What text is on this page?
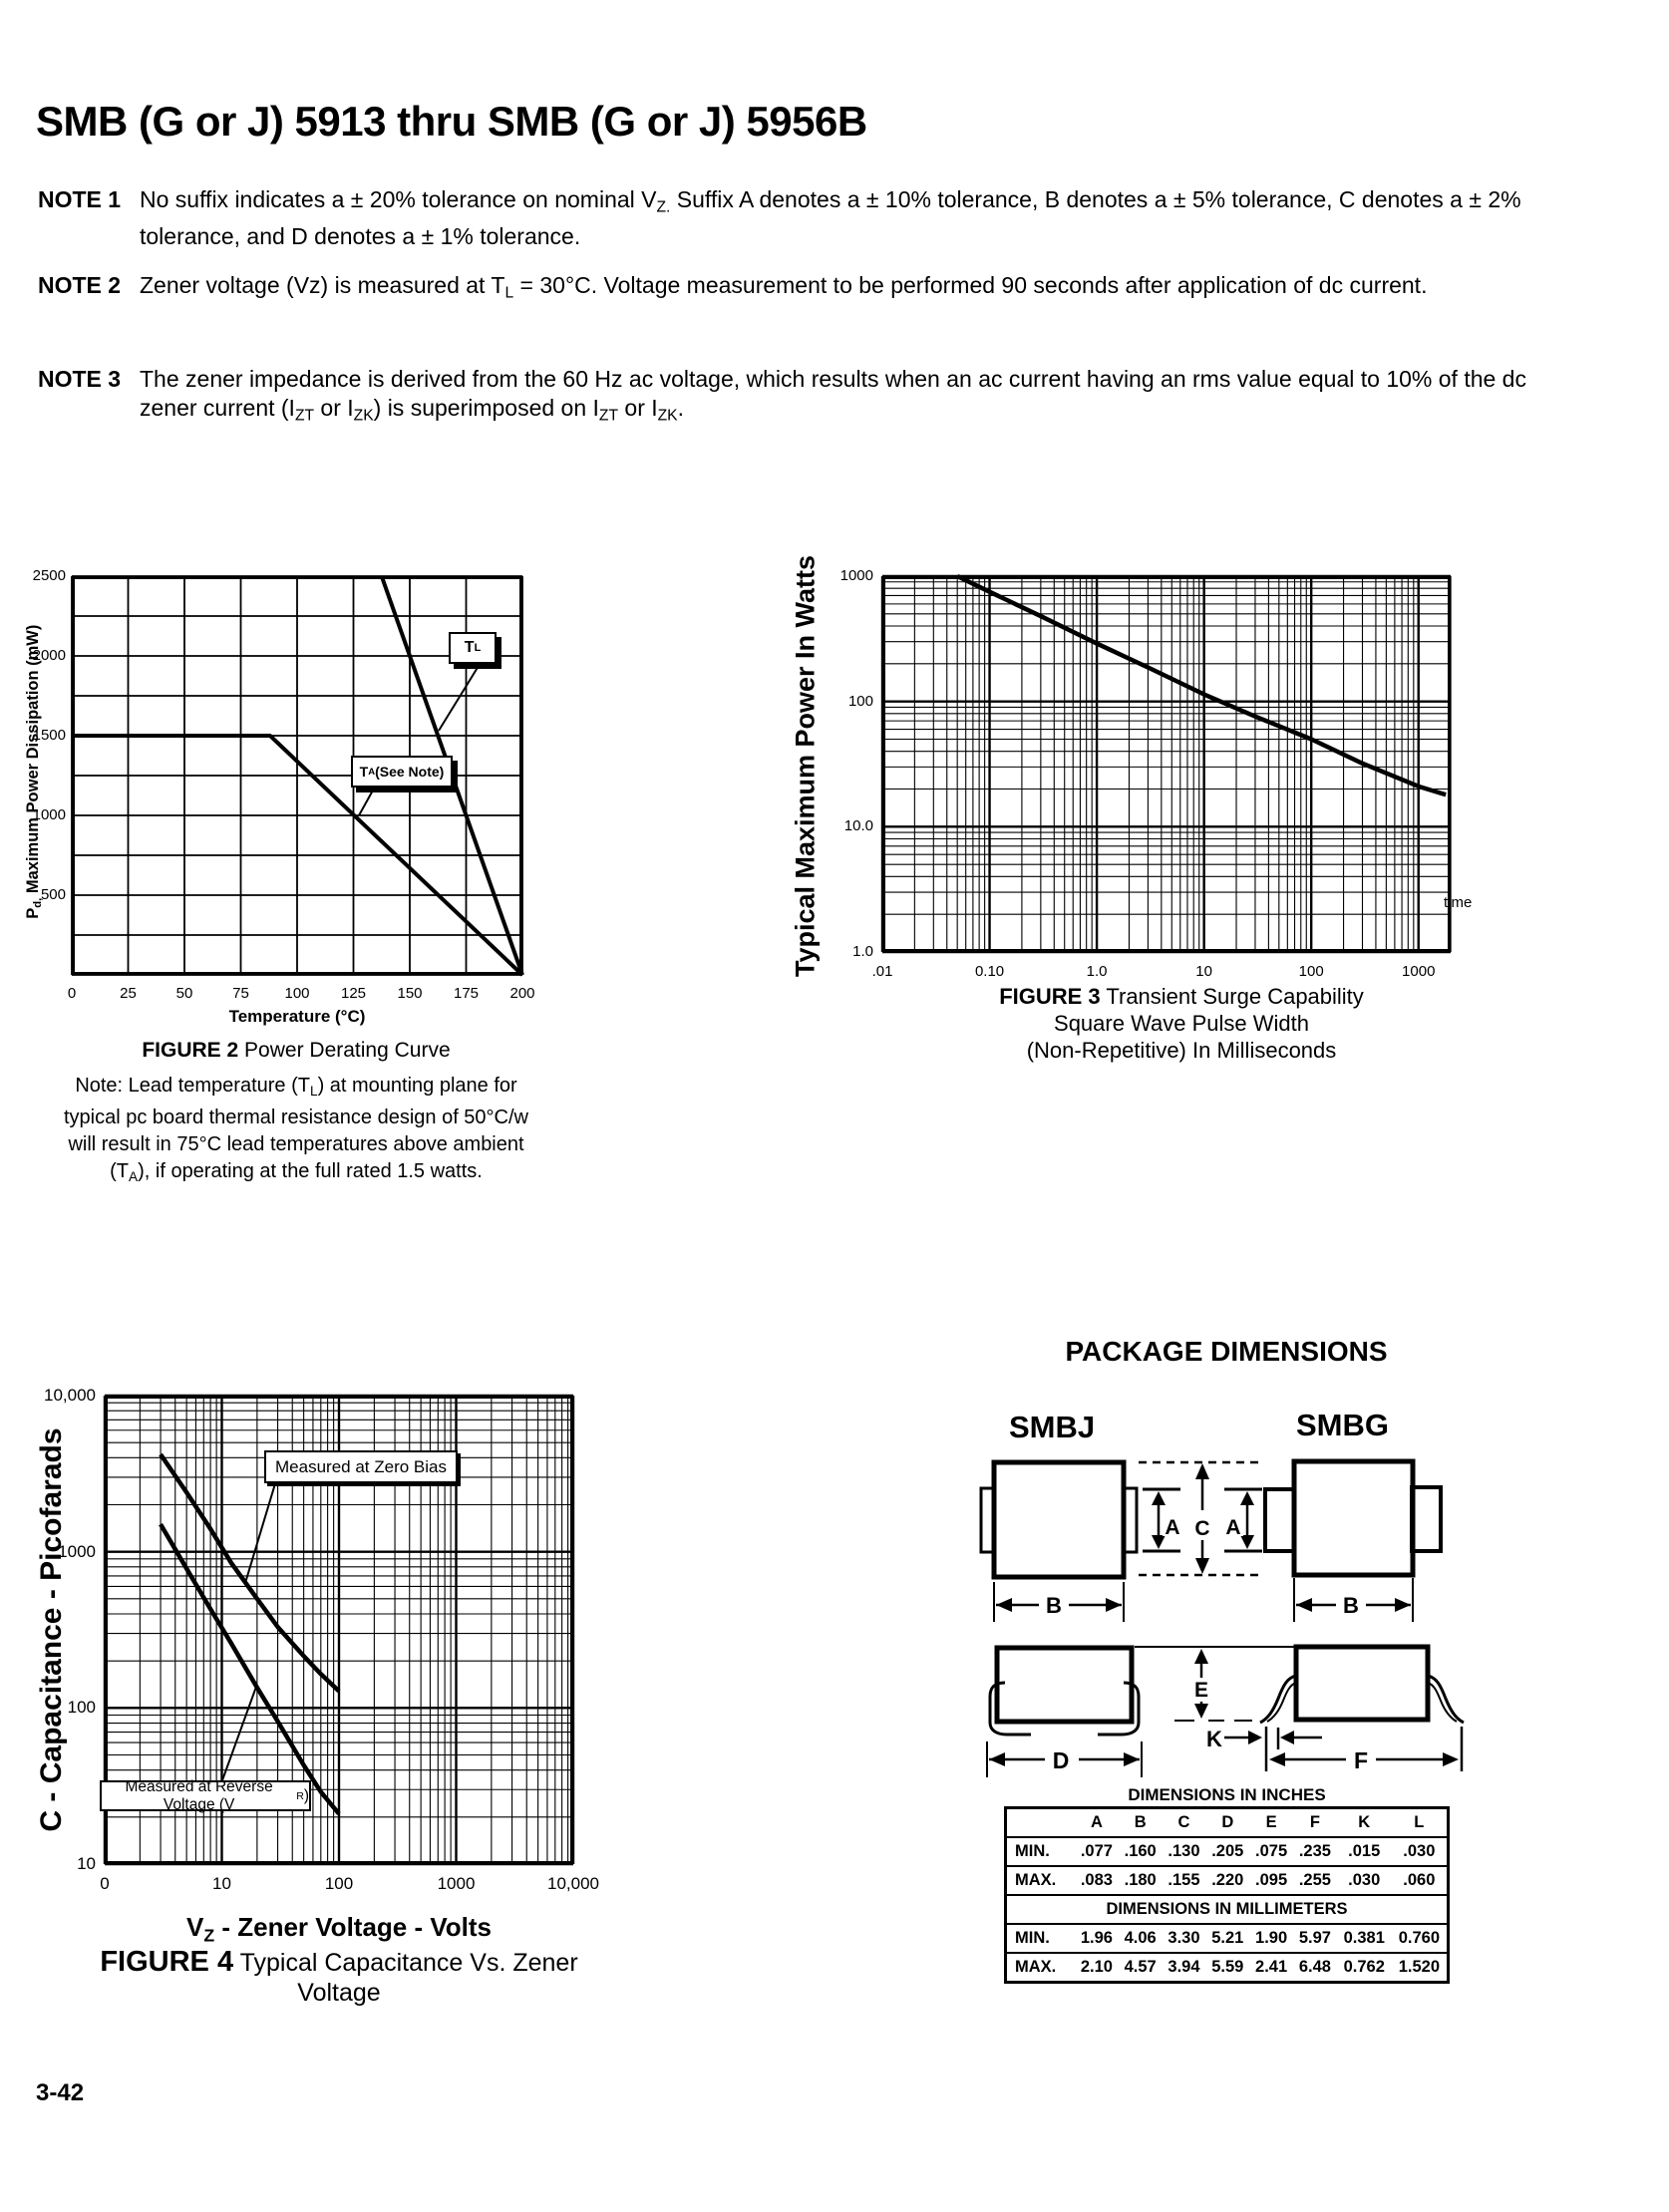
SMB (G or J) 5913 thru SMB (G or J) 5956B
NOTE 1 No suffix indicates a ± 20% tolerance on nominal $V_{Z.}$ Suffix A denotes a ± 10% tolerance, B denotes a ± 5% tolerance, C denotes a ± 2% tolerance, and D denotes a ± 1% tolerance.
NOTE 2 Zener voltage (Vz) is measured at $T_L = 30^\circ C$. Voltage measurement to be performed 90 seconds after application of dc current.
NOTE 3 The zener impedance is derived from the 60 Hz ac voltage, which results when an ac current having an rms value equal to 10% of the dc zener current ($I_{ZT}$ or $I_{ZK}$) is superimposed on $I_{ZT}$ or $I_{ZK}$.
$P_{d,}$ Maximum Power Dissipation (mW)
Temperature (°C)
FIGURE 2 Power Derating Curve
Note: Lead temperature $(T_L)$ at mounting plane for
typical pc board thermal resistance design of 50°C/w
will result in 75°C lead temperatures above ambient
$(T_A)$, if operating at the full rated 1.5 watts.
T L
T A (See Note)	Typical Maximum Power In Watts	time
FIGURE 3 Transient Surge Capability
Square Wave Pulse Width
(Non-Repetitive) In Milliseconds
C - Capacitance - Picofarads
$V_Z$ - Zener Voltage - Volts
FIGURE 4 Typical Capacitance Vs. Zener Voltage
Measured at Zero Bias
Measured at Reverse Voltage (V	R )
PACKAGE DIMENSIONS
SMBJ	SMBG
A C A
B	B
D
E
K
F
DIMENSIONS IN INCHES
	A	B	C	D	E	F	K	L
MIN.	.077	.160	.130	.205	.075	.235	.015	.030
MAX.	.083	.180	.155	.220	.095	.255	.030	.060
DIMENSIONS IN MILLIMETERS								
MIN.	1.96	4.06	3.30	5.21	1.90	5.97	0.381	0.760
MAX.	2.10	4.57	3.94	5.59	2.41	6.48	0.762	1.520
3-42
500
1000
1500
2000
2500
0	25	50	75 100 125 150 175 200
1000
100
10.0
1.0
.01	0.10	1.0	10	100	1000
10,000
1000
100
10
0	10	100	1000	10,000
